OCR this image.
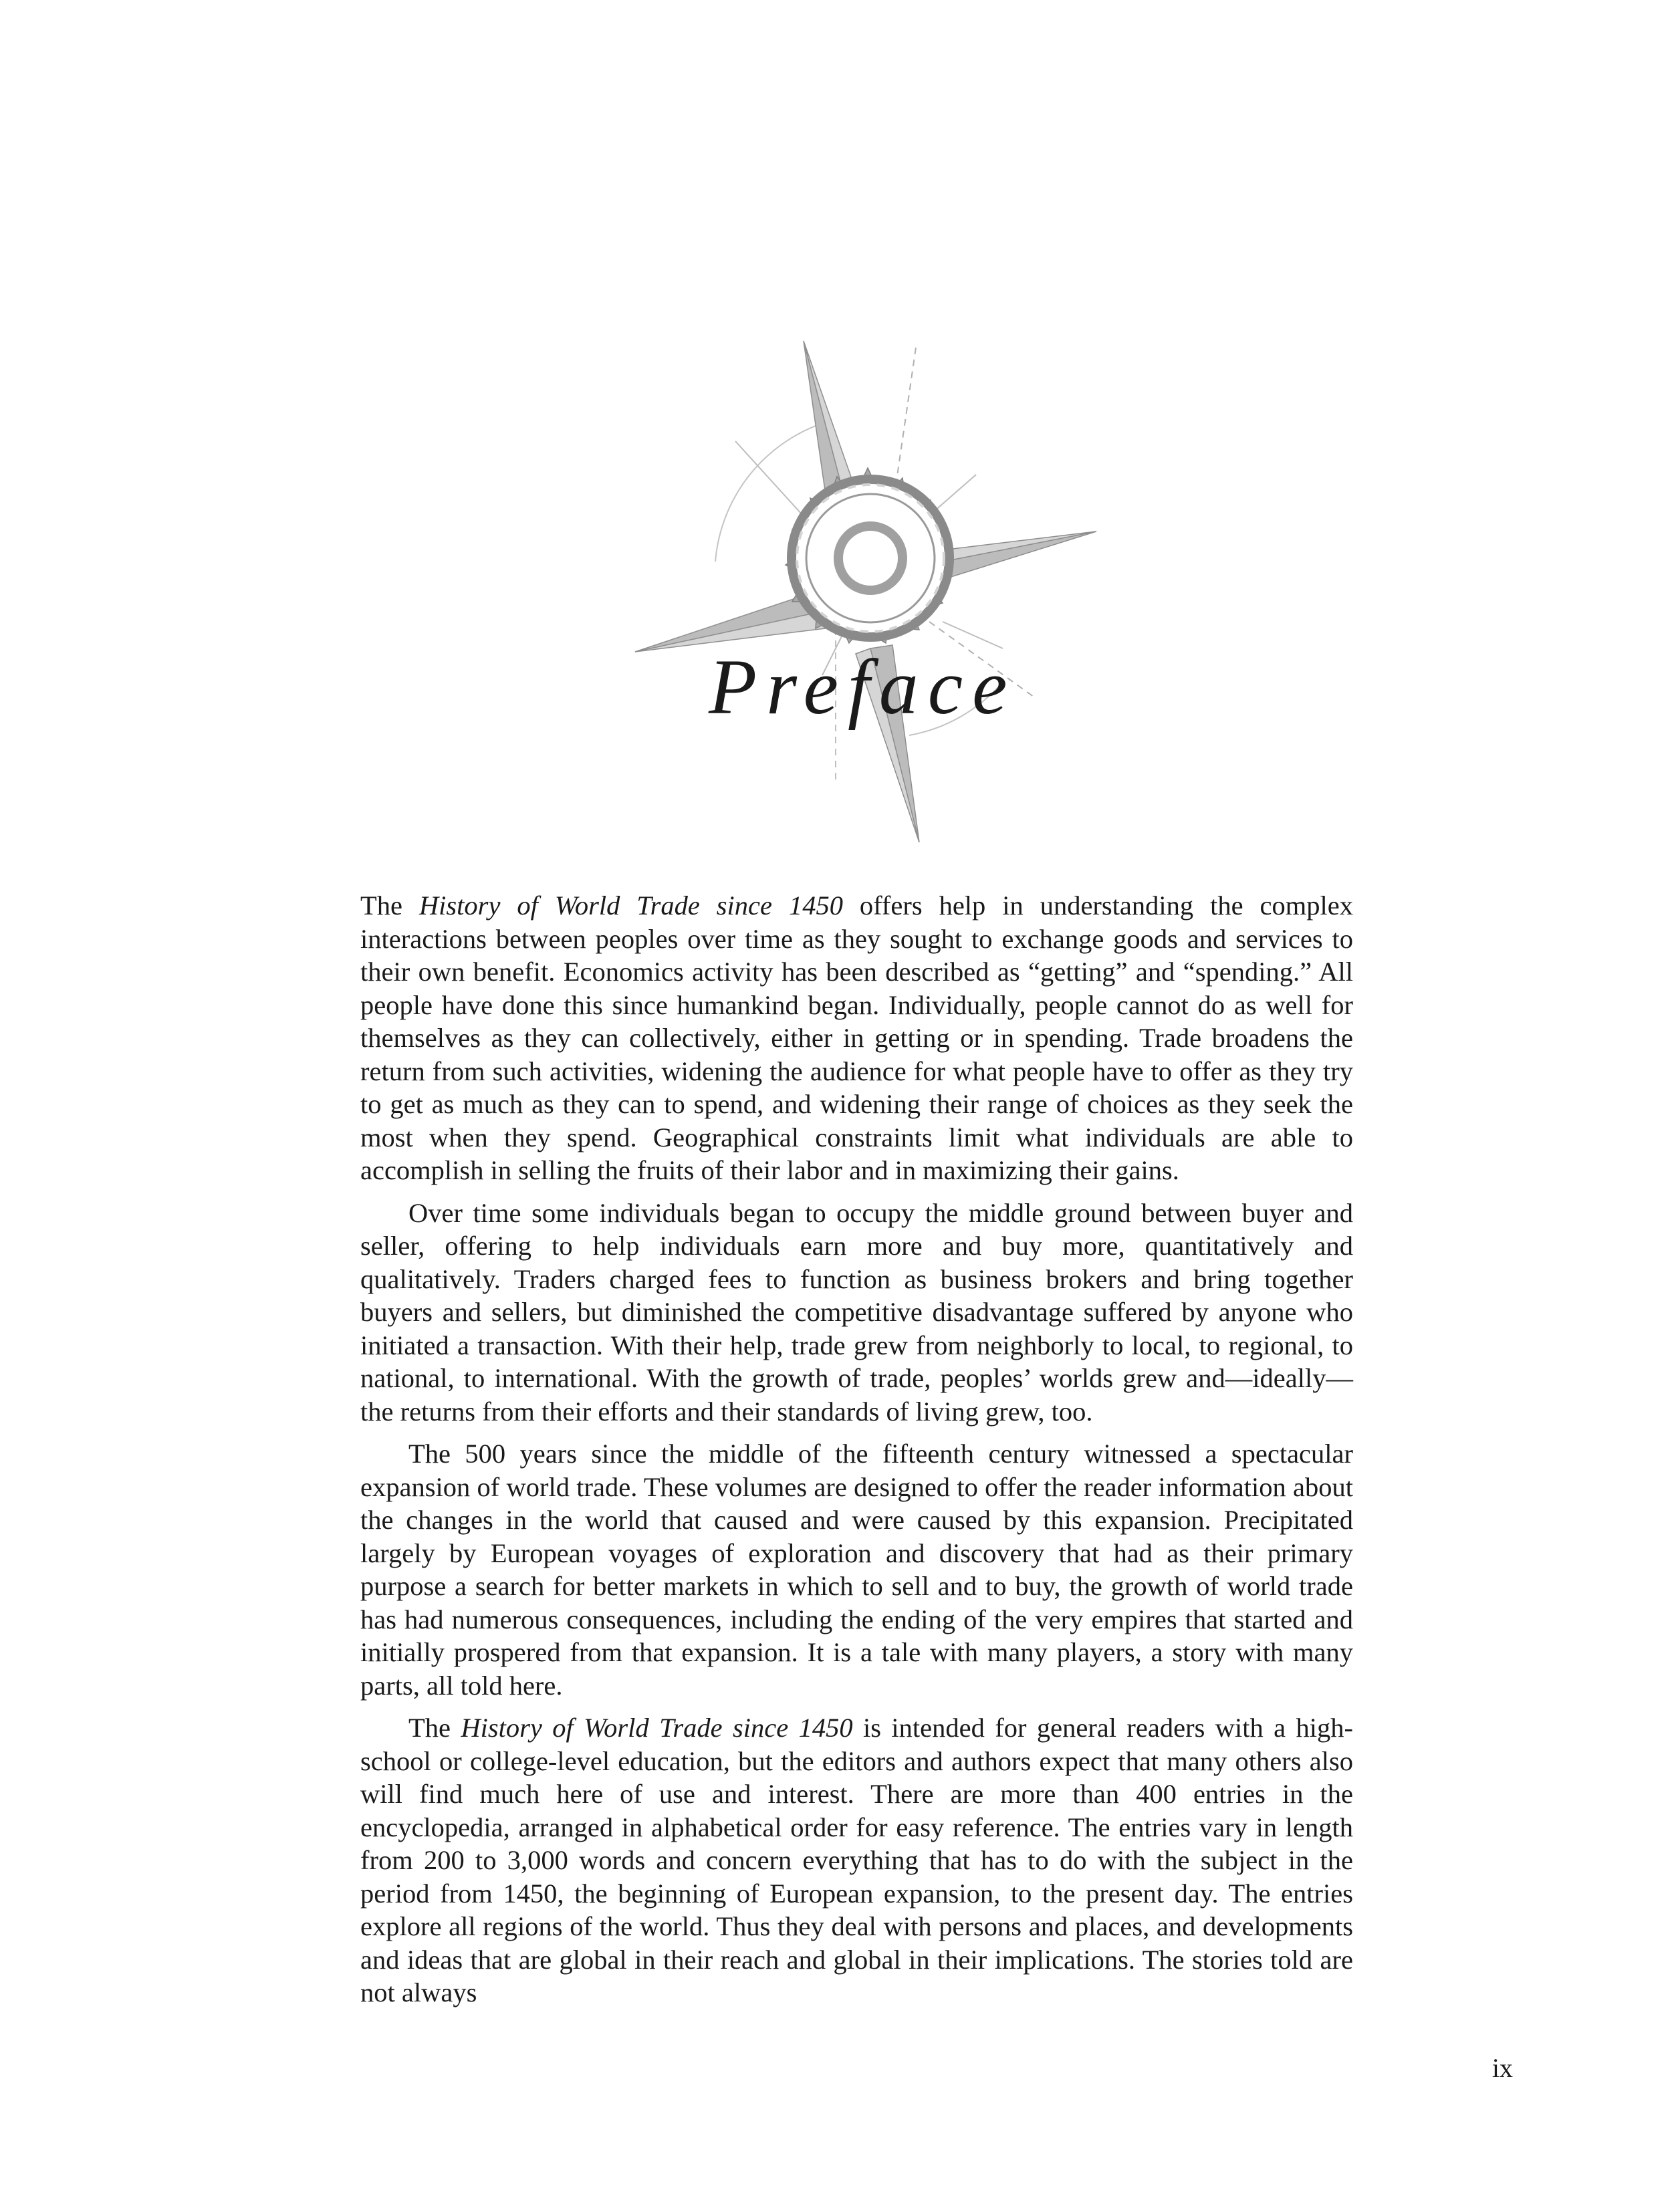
Preface

The History of World Trade since 1450 offers help in understanding the complex interactions between peoples over time as they sought to exchange goods and services to their own benefit. Economics activity has been described as “getting” and “spending.” All people have done this since humankind began. Individually, people cannot do as well for themselves as they can collectively, either in getting or in spending. Trade broadens the return from such activities, widening the audience for what people have to offer as they try to get as much as they can to spend, and widening their range of choices as they seek the most when they spend. Geographical constraints limit what individuals are able to accomplish in selling the fruits of their labor and in maximizing their gains.

Over time some individuals began to occupy the middle ground between buyer and seller, offering to help individuals earn more and buy more, quantitatively and qualitatively. Traders charged fees to function as business brokers and bring together buyers and sellers, but diminished the competitive disadvantage suffered by anyone who initiated a transaction. With their help, trade grew from neighborly to local, to regional, to national, to international. With the growth of trade, peoples’ worlds grew and—ideally—the returns from their efforts and their standards of living grew, too.

The 500 years since the middle of the fifteenth century witnessed a spectacular expansion of world trade. These volumes are designed to offer the reader information about the changes in the world that caused and were caused by this expansion. Precipitated largely by European voyages of exploration and discovery that had as their primary purpose a search for better markets in which to sell and to buy, the growth of world trade has had numerous consequences, including the ending of the very empires that started and initially prospered from that expansion. It is a tale with many players, a story with many parts, all told here.

The History of World Trade since 1450 is intended for general readers with a high-school or college-level education, but the editors and authors expect that many others also will find much here of use and interest. There are more than 400 entries in the encyclopedia, arranged in alphabetical order for easy reference. The entries vary in length from 200 to 3,000 words and concern everything that has to do with the subject in the period from 1450, the beginning of European expansion, to the present day. The entries explore all regions of the world. Thus they deal with persons and places, and developments and ideas that are global in their reach and global in their implications. The stories told are not always

ix
